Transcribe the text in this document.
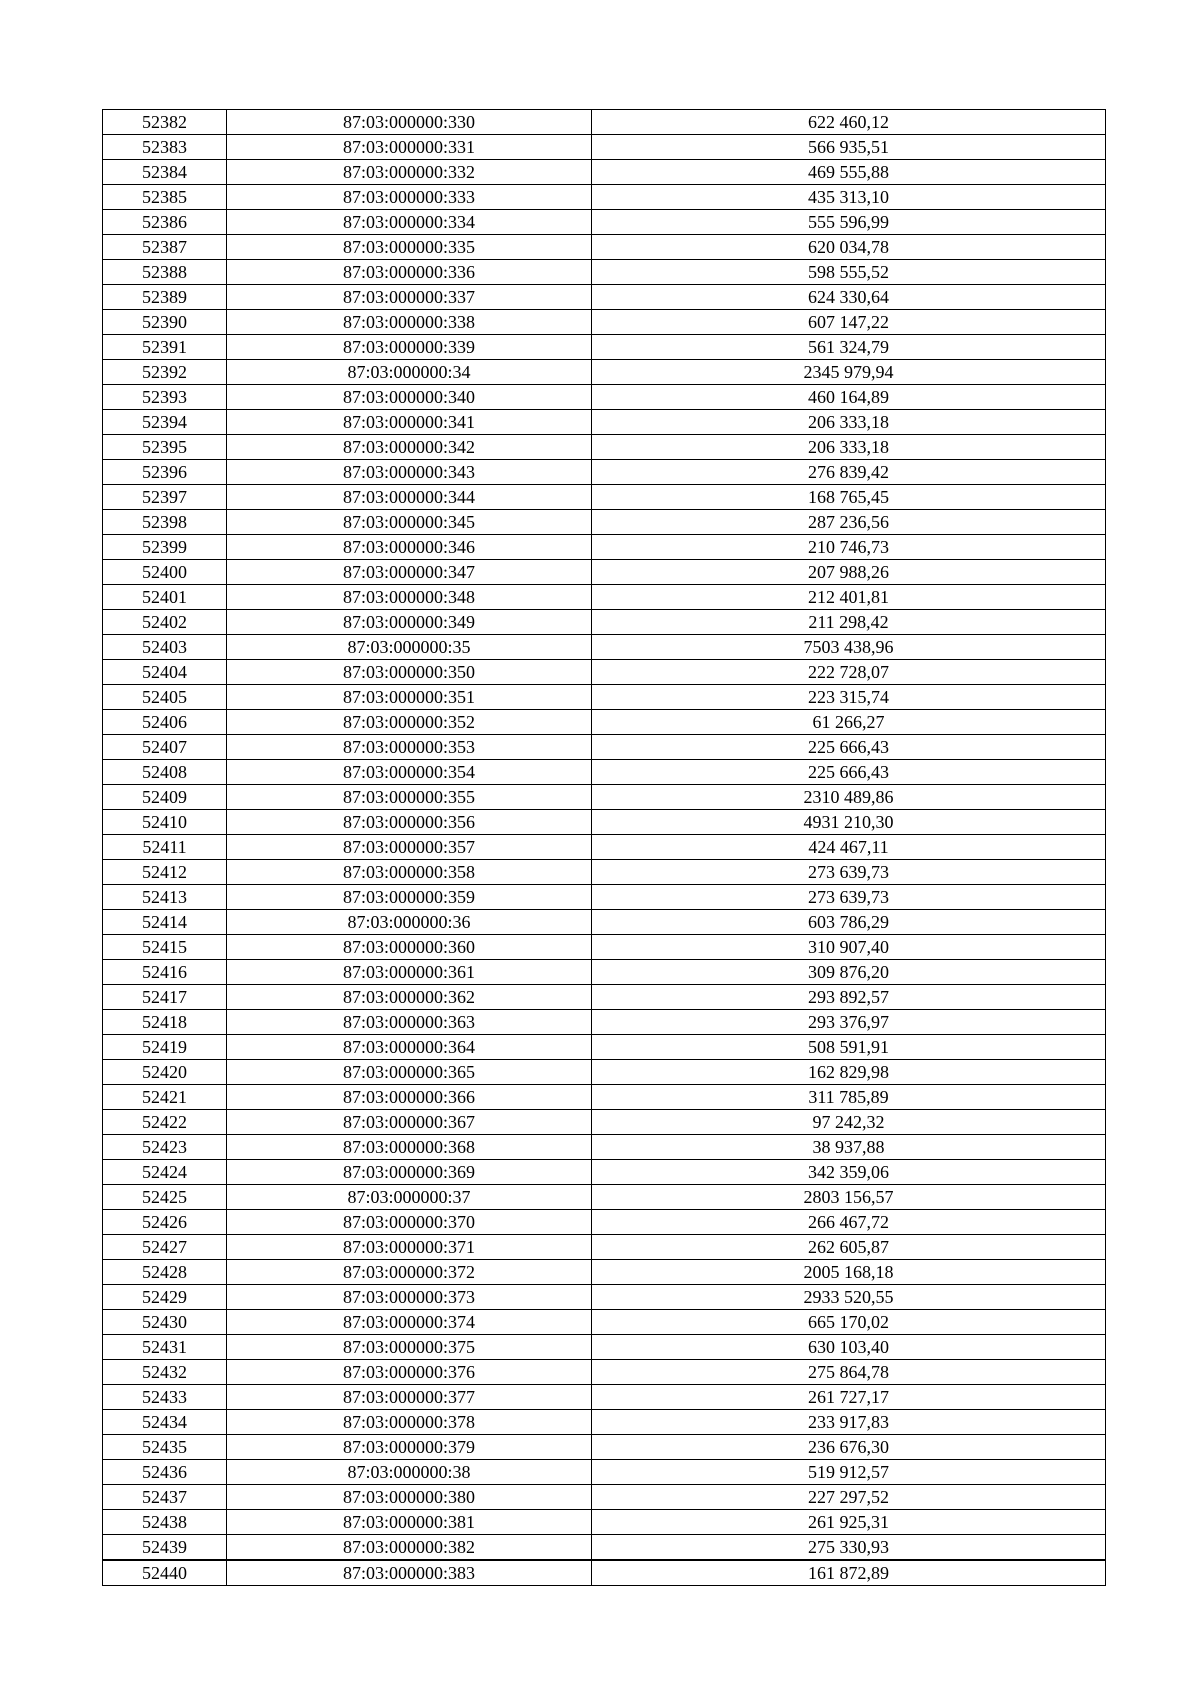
52382	87:03:000000:330	622 460,12
52383	87:03:000000:331	566 935,51
52384	87:03:000000:332	469 555,88
52385	87:03:000000:333	435 313,10
52386	87:03:000000:334	555 596,99
52387	87:03:000000:335	620 034,78
52388	87:03:000000:336	598 555,52
52389	87:03:000000:337	624 330,64
52390	87:03:000000:338	607 147,22
52391	87:03:000000:339	561 324,79
52392	87:03:000000:34	2345 979,94
52393	87:03:000000:340	460 164,89
52394	87:03:000000:341	206 333,18
52395	87:03:000000:342	206 333,18
52396	87:03:000000:343	276 839,42
52397	87:03:000000:344	168 765,45
52398	87:03:000000:345	287 236,56
52399	87:03:000000:346	210 746,73
52400	87:03:000000:347	207 988,26
52401	87:03:000000:348	212 401,81
52402	87:03:000000:349	211 298,42
52403	87:03:000000:35	7503 438,96
52404	87:03:000000:350	222 728,07
52405	87:03:000000:351	223 315,74
52406	87:03:000000:352	61 266,27
52407	87:03:000000:353	225 666,43
52408	87:03:000000:354	225 666,43
52409	87:03:000000:355	2310 489,86
52410	87:03:000000:356	4931 210,30
52411	87:03:000000:357	424 467,11
52412	87:03:000000:358	273 639,73
52413	87:03:000000:359	273 639,73
52414	87:03:000000:36	603 786,29
52415	87:03:000000:360	310 907,40
52416	87:03:000000:361	309 876,20
52417	87:03:000000:362	293 892,57
52418	87:03:000000:363	293 376,97
52419	87:03:000000:364	508 591,91
52420	87:03:000000:365	162 829,98
52421	87:03:000000:366	311 785,89
52422	87:03:000000:367	97 242,32
52423	87:03:000000:368	38 937,88
52424	87:03:000000:369	342 359,06
52425	87:03:000000:37	2803 156,57
52426	87:03:000000:370	266 467,72
52427	87:03:000000:371	262 605,87
52428	87:03:000000:372	2005 168,18
52429	87:03:000000:373	2933 520,55
52430	87:03:000000:374	665 170,02
52431	87:03:000000:375	630 103,40
52432	87:03:000000:376	275 864,78
52433	87:03:000000:377	261 727,17
52434	87:03:000000:378	233 917,83
52435	87:03:000000:379	236 676,30
52436	87:03:000000:38	519 912,57
52437	87:03:000000:380	227 297,52
52438	87:03:000000:381	261 925,31
52439	87:03:000000:382	275 330,93
52440	87:03:000000:383	161 872,89
